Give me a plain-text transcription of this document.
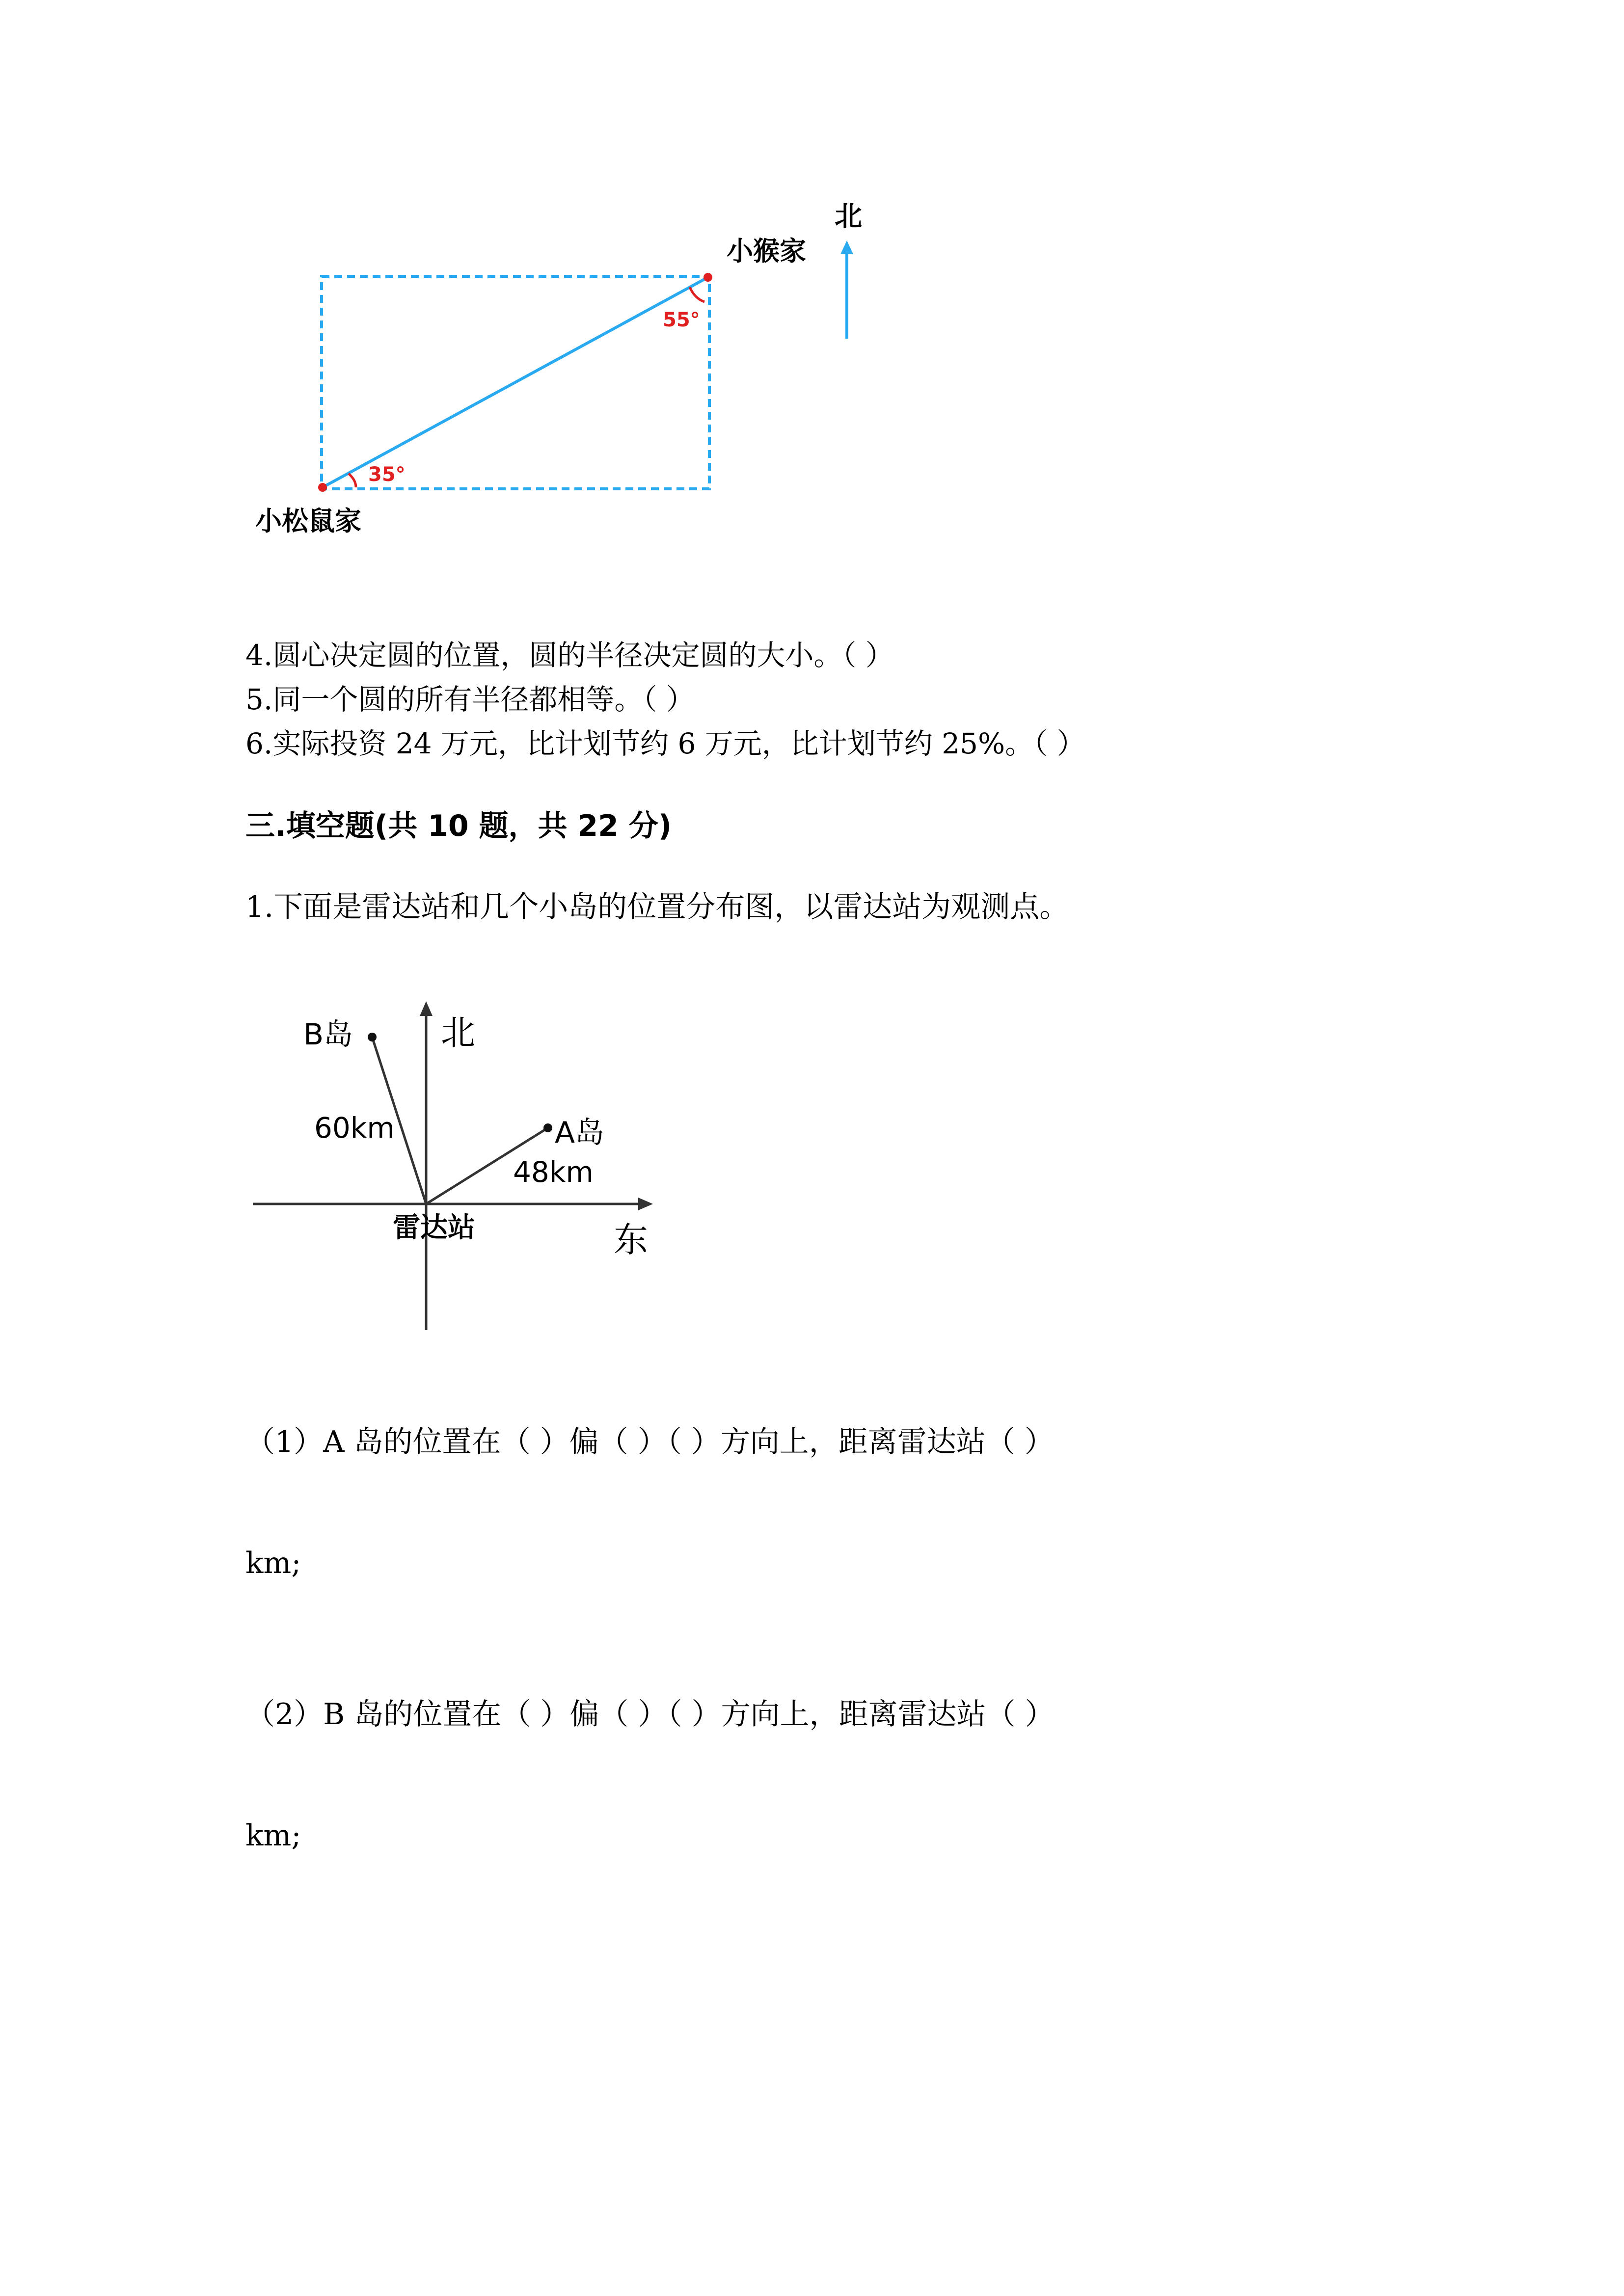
北
小猴家
小松鼠家
55°
35°
4.圆心决定圆的位置，圆的半径决定圆的大小。（ ）
5.同一个圆的所有半径都相等。（ ）
6.实际投资 24 万元，比计划节约 6 万元，比计划节约 25%。（ ）
三.填空题(共 10 题，共 22 分)
1.下面是雷达站和几个小岛的位置分布图，以雷达站为观测点。
B岛	北
60km	A岛
48km
雷达站	东
（1）A 岛的位置在（ ）偏（ ）（ ）方向上，距离雷达站（ ）
km;
（2）B 岛的位置在（ ）偏（ ）（ ）方向上，距离雷达站（ ）
km;
